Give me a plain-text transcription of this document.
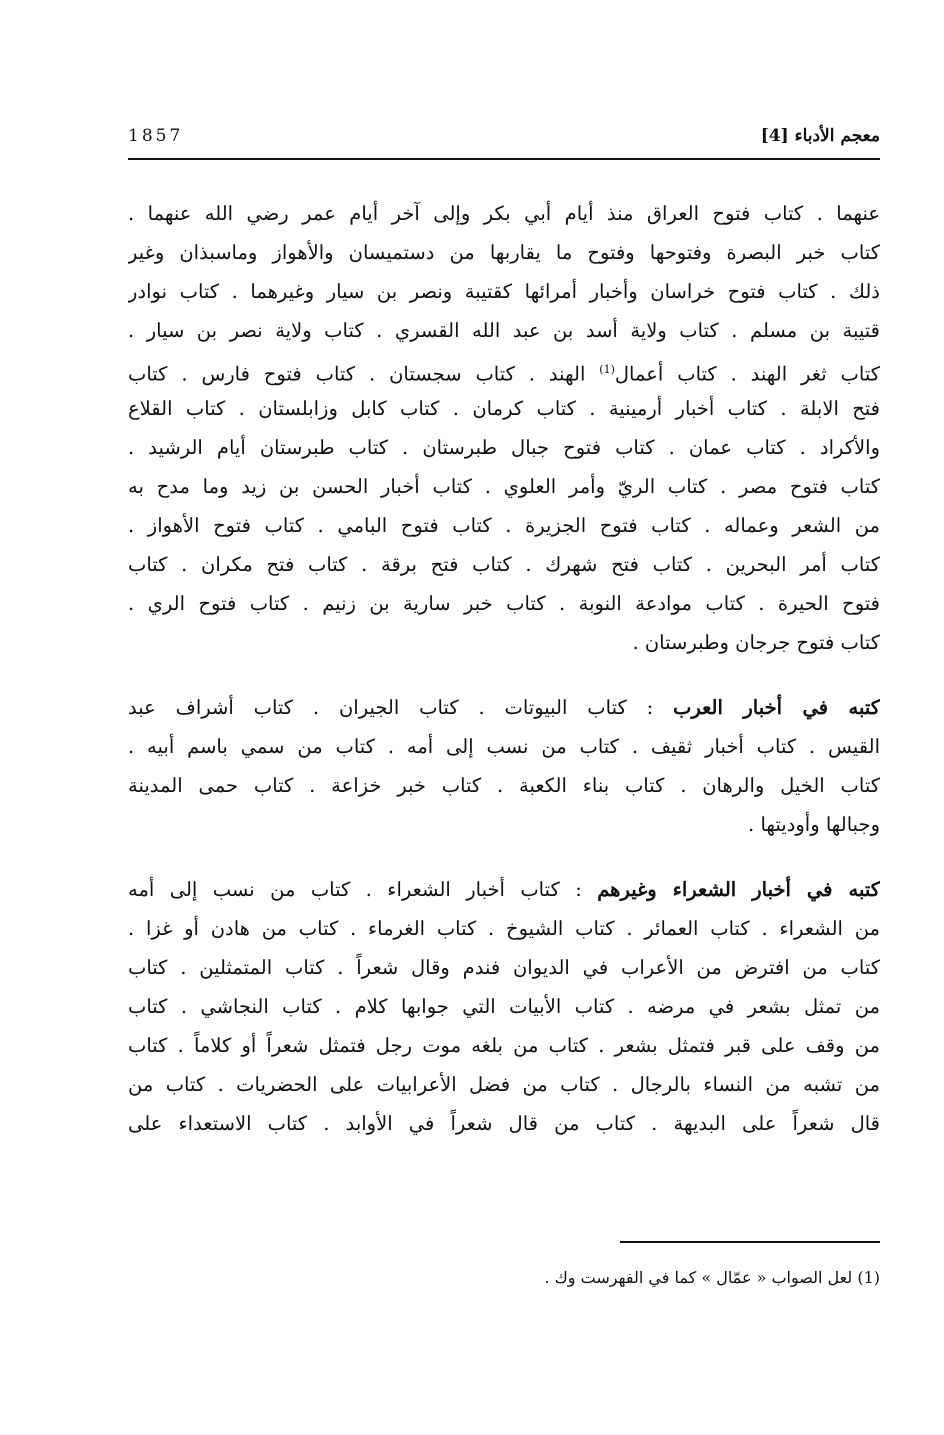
معجم الأدباء [4]
1857
عنهما . كتاب فتوح العراق منذ أيام أبي بكر وإلى آخر أيام عمر رضي الله عنهما .
كتاب خبر البصرة وفتوحها وفتوح ما يقاربها من دستميسان والأهواز وماسبذان وغير
ذلك . كتاب فتوح خراسان وأخبار أمرائها كقتيبة ونصر بن سيار وغيرهما . كتاب نوادر
قتيبة بن مسلم . كتاب ولاية أسد بن عبد الله القسري . كتاب ولاية نصر بن سيار .
كتاب ثغر الهند . كتاب أعمال$^{(1)}$ الهند . كتاب سجستان . كتاب فتوح فارس . كتاب
فتح الابلة . كتاب أخبار أرمينية . كتاب كرمان . كتاب كابل وزابلستان . كتاب القلاع
والأكراد . كتاب عمان . كتاب فتوح جبال طبرستان . كتاب طبرستان أيام الرشيد .
كتاب فتوح مصر . كتاب الريّ وأمر العلوي . كتاب أخبار الحسن بن زيد وما مدح به
من الشعر وعماله . كتاب فتوح الجزيرة . كتاب فتوح البامي . كتاب فتوح الأهواز .
كتاب أمر البحرين . كتاب فتح شهرك . كتاب فتح برقة . كتاب فتح مكران . كتاب
فتوح الحيرة . كتاب موادعة النوبة . كتاب خبر سارية بن زنيم . كتاب فتوح الري .
كتاب فتوح جرجان وطبرستان .
كتبه في أخبار العرب : كتاب البيوتات . كتاب الجيران . كتاب أشراف عبد
القيس . كتاب أخبار ثقيف . كتاب من نسب إلى أمه . كتاب من سمي باسم أبيه .
كتاب الخيل والرهان . كتاب بناء الكعبة . كتاب خبر خزاعة . كتاب حمى المدينة
وجبالها وأوديتها .
كتبه في أخبار الشعراء وغيرهم : كتاب أخبار الشعراء . كتاب من نسب إلى أمه
من الشعراء . كتاب العمائر . كتاب الشيوخ . كتاب الغرماء . كتاب من هادن أو غزا .
كتاب من افترض من الأعراب في الديوان فندم وقال شعراً . كتاب المتمثلين . كتاب
من تمثل بشعر في مرضه . كتاب الأبيات التي جوابها كلام . كتاب النجاشي . كتاب
من وقف على قبر فتمثل بشعر . كتاب من بلغه موت رجل فتمثل شعراً أو كلاماً . كتاب
من تشبه من النساء بالرجال . كتاب من فضل الأعرابيات على الحضريات . كتاب من
قال شعراً على البديهة . كتاب من قال شعراً في الأوابد . كتاب الاستعداء على
(1) لعل الصواب « عمّال » كما في الفهرست وك .
